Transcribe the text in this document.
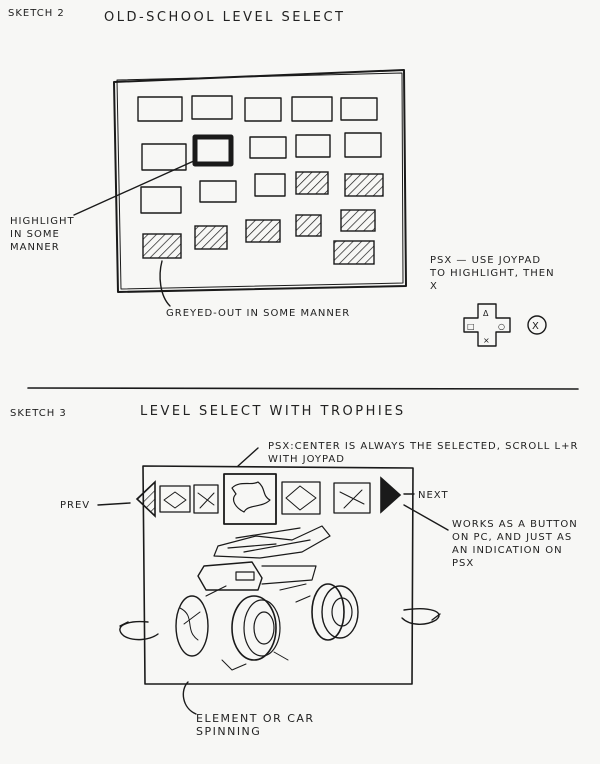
SKETCH 2	OLD-SCHOOL LEVEL SELECT
HIGHLIGHT IN SOME MANNER
GREYED-OUT IN SOME MANNER
PSX — USE JOYPAD TO HIGHLIGHT, THEN X
SKETCH 3	LEVEL SELECT WITH TROPHIES
PSX:CENTER IS ALWAYS THE SELECTED, SCROLL L+R WITH JOYPAD
PREV
NEXT
WORKS AS A BUTTON ON PC, AND JUST AS AN INDICATION ON PSX
ELEMENT OR CAR SPINNING
Δ
□	○
×
X
